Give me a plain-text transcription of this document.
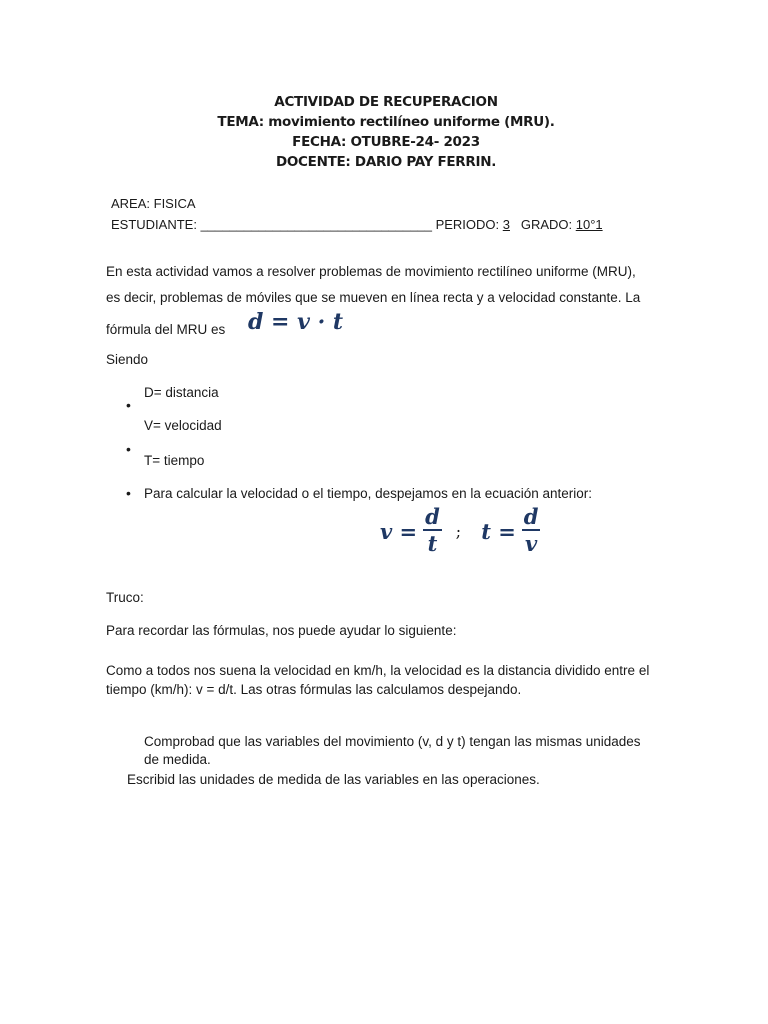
ACTIVIDAD DE RECUPERACION
TEMA: movimiento rectilíneo uniforme (MRU).
FECHA: OTUBRE-24- 2023
DOCENTE: DARIO PAY FERRIN.
AREA: FISICA
ESTUDIANTE: ________________________________ PERIODO: 3 GRADO: 10°1
En esta actividad vamos a resolver problemas de movimiento rectilíneo uniforme (MRU),
es decir, problemas de móviles que se mueven en línea recta y a velocidad constante. La
fórmula del MRU es d = v · t
Siendo
D= distancia
•
V= velocidad
•
T= tiempo
• Para calcular la velocidad o el tiempo, despejamos en la ecuación anterior:
$v = \frac{d}{t}$ ; $t = \frac{d}{v}$
Truco:
Para recordar las fórmulas, nos puede ayudar lo siguiente:
Como a todos nos suena la velocidad en km/h, la velocidad es la distancia dividido entre el
tiempo (km/h): v = d/t. Las otras fórmulas las calculamos despejando.
Comprobad que las variables del movimiento (v, d y t) tengan las mismas unidades
de medida.
Escribid las unidades de medida de las variables en las operaciones.
